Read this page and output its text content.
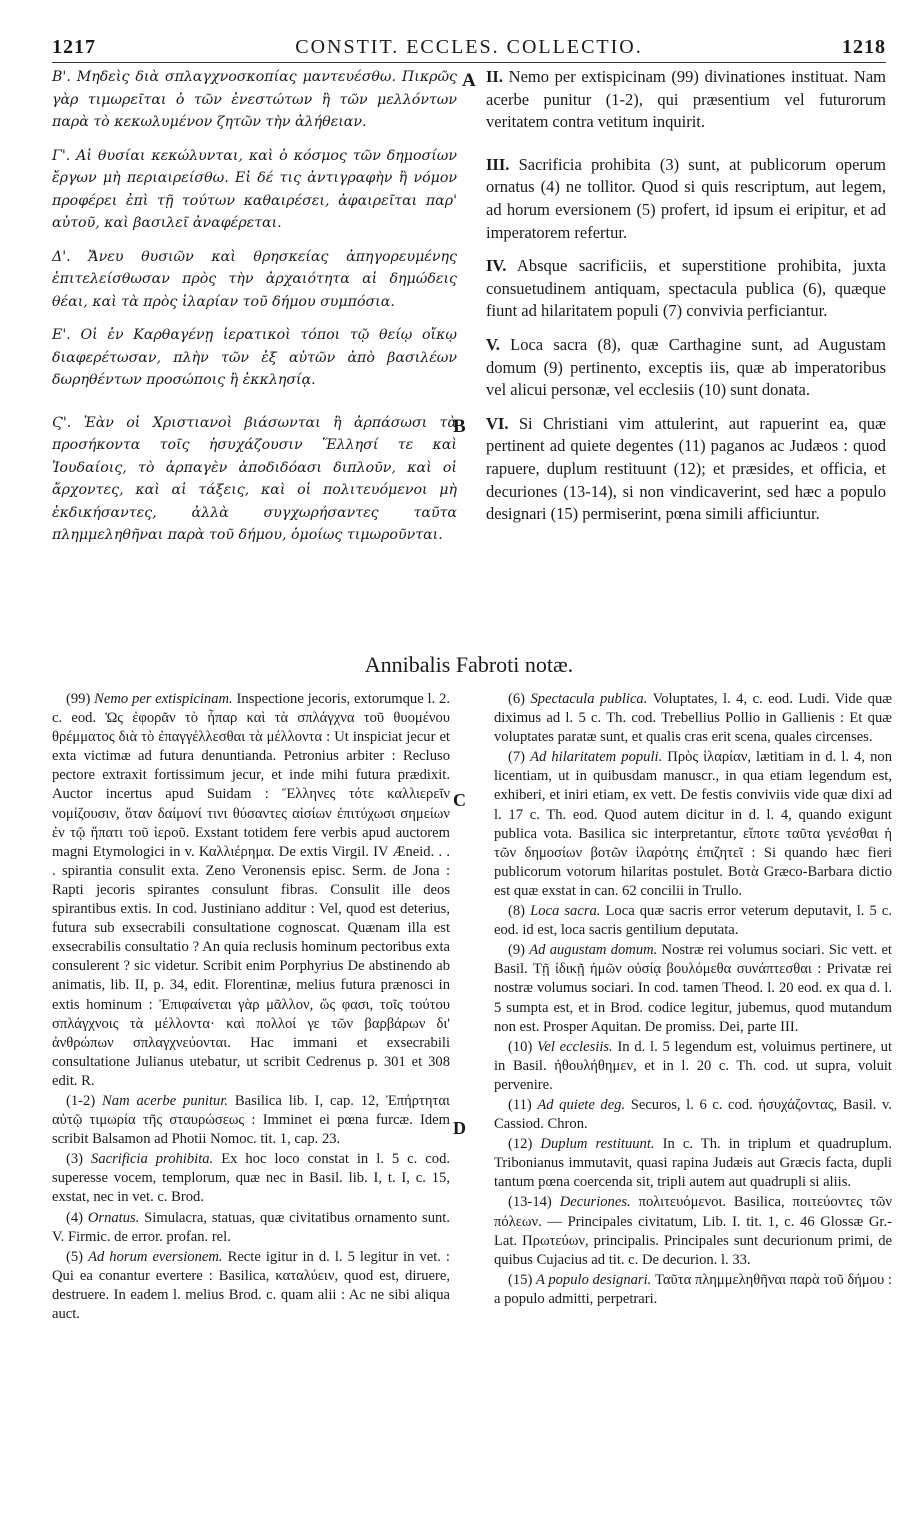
1217	CONSTIT. ECCLES. COLLECTIO.	1218

Β'. Μηδεὶς διὰ σπλαγχνοσκοπίας μαντευέσθω. Πικρῶς γὰρ τιμωρεῖται ὁ τῶν ἐνεστώτων ἢ τῶν μελλόντων παρὰ τὸ κεκωλυμένον ζητῶν τὴν ἀλήθειαν.

Γ'. Αἱ θυσίαι κεκώλυνται, καὶ ὁ κόσμος τῶν δημοσίων ἔργων μὴ περιαιρείσθω. Εἰ δέ τις ἀντιγραφὴν ἢ νόμον προφέρει ἐπὶ τῇ τούτων καθαιρέσει, ἀφαιρεῖται παρ' αὐτοῦ, καὶ βασιλεῖ ἀναφέρεται.

Δ'. Ἄνευ θυσιῶν καὶ θρησκείας ἀπηγορευμένης ἐπιτελείσθωσαν πρὸς τὴν ἀρχαιότητα αἱ δημώδεις θέαι, καὶ τὰ πρὸς ἱλαρίαν τοῦ δήμου συμπόσια.

Ε'. Οἱ ἐν Καρθαγένῃ ἱερατικοὶ τόποι τῷ θείῳ οἴκῳ διαφερέτωσαν, πλὴν τῶν ἐξ αὐτῶν ἀπὸ βασιλέων δωρηθέντων προσώποις ἢ ἐκκλησίᾳ.

Ϛ'. Ἐὰν οἱ Χριστιανοὶ βιάσωνται ἢ ἁρπάσωσι τὰ προσήκοντα τοῖς ἡσυχάζουσιν Ἕλλησί τε καὶ Ἰουδαίοις, τὸ ἁρπαγὲν ἀποδιδόασι διπλοῦν, καὶ οἱ ἄρχοντες, καὶ αἱ τάξεις, καὶ οἱ πολιτευόμενοι μὴ ἐκδικήσαντες, ἀλλὰ συγχωρήσαντες ταῦτα πλημμεληθῆναι παρὰ τοῦ δήμου, ὁμοίως τιμωροῦνται.

A
B

II. Nemo per extispicinam (99) divinationes instituat. Nam acerbe punitur (1-2), qui præsentium vel futurorum veritatem contra vetitum inquirit.

III. Sacrificia prohibita (3) sunt, at publicorum operum ornatus (4) ne tollitor. Quod si quis rescriptum, aut legem, ad horum eversionem (5) profert, id ipsum ei eripitur, et ad imperatorem refertur.

IV. Absque sacrificiis, et superstitione prohibita, juxta consuetudinem antiquam, spectacula publica (6), quæque fiunt ad hilaritatem populi (7) convivia perficiantur.

V. Loca sacra (8), quæ Carthagine sunt, ad Augustam domum (9) pertinento, exceptis iis, quæ ab imperatoribus vel alicui personæ, vel ecclesiis (10) sunt donata.

VI. Si Christiani vim attulerint, aut rapuerint ea, quæ pertinent ad quiete degentes (11) paganos ac Judæos : quod rapuere, duplum restituunt (12); et præsides, et officia, et decuriones (13-14), si non vindicaverint, sed hæc a populo designari (15) permiserint, pœna simili afficiuntur.

Annibalis Fabroti notæ.

(99) Nemo per extispicinam. Inspectione jecoris, extorumque l. 2. c. eod. Ὡς ἐφορᾶν τὸ ἧπαρ καὶ τὰ σπλάγχνα τοῦ θυομένου θρέμματος διὰ τὸ ἐπαγγέλλεσθαι τὰ μέλλοντα : Ut inspiciat jecur et exta victimæ ad futura denuntianda. Petronius arbiter : Recluso pectore extraxit fortissimum jecur, et inde mihi futura prædixit. Auctor incertus apud Suidam : Ἕλληνες τότε καλλιερεῖν νομίζουσιν, ὅταν δαίμονί τινι θύσαντες αἰσίων ἐπιτύχωσι σημείων ἐν τῷ ἥπατι τοῦ ἱεροῦ. Exstant totidem fere verbis apud auctorem magni Etymologici in v. Καλλιέρημα. De extis Virgil. IV Æneid. . . . spirantia consulit exta. Zeno Veronensis episc. Serm. de Jona : Rapti jecoris spirantes consulunt fibras. Consulit ille deos spirantibus extis. In cod. Justiniano additur : Vel, quod est deterius, futura sub exsecrabili consultatione cognoscat. Quænam illa est exsecrabilis consultatio ? An quia reclusis hominum pectoribus exta consulerent ? sic videtur. Scribit enim Porphyrius De abstinendo ab animatis, lib. II, p. 34, edit. Florentinæ, melius futura prænosci in extis hominum : Ἐπιφαίνεται γὰρ μᾶλλον, ὥς φασι, τοῖς τούτου σπλάγχνοις τὰ μέλλοντα· καὶ πολλοί γε τῶν βαρβάρων δι' ἀνθρώπων σπλαγχνεύονται. Hac immani et exsecrabili consultatione Julianus utebatur, ut scribit Cedrenus p. 301 et 308 edit. R.

(1-2) Nam acerbe punitur. Basilica lib. I, cap. 12, Ἐπήρτηται αὐτῷ τιμωρία τῆς σταυρώσεως : Imminet ei pœna furcæ. Idem scribit Balsamon ad Photii Nomoc. tit. 1, cap. 23.

(3) Sacrificia prohibita. Ex hoc loco constat in l. 5 c. cod. superesse vocem, templorum, quæ nec in Basil. lib. I, t. I, c. 15, exstat, nec in vet. c. Brod.

(4) Ornatus. Simulacra, statuas, quæ civitatibus ornamento sunt. V. Firmic. de error. profan. rel.

(5) Ad horum eversionem. Recte igitur in d. l. 5 legitur in vet. : Qui ea conantur evertere : Basilica, καταλύειν, quod est, diruere, destruere. In eadem l. melius Brod. c. quam alii : Ac ne sibi aliqua auct.

C
D

(6) Spectacula publica. Voluptates, l. 4, c. eod. Ludi. Vide quæ diximus ad l. 5 c. Th. cod. Trebellius Pollio in Gallienis : Et quæ voluptates paratæ sunt, et qualis cras erit scena, quales circenses.

(7) Ad hilaritatem populi. Πρὸς ἱλαρίαν, lætitiam in d. l. 4, non licentiam, ut in quibusdam manuscr., in qua etiam legendum est, exhiberi, et iniri etiam, ex vett. De festis conviviis vide quæ dixi ad l. 17 c. Th. eod. Quod autem dicitur in d. l. 4, quando exigunt publica vota. Basilica sic interpretantur, εἴποτε ταῦτα γενέσθαι ἡ τῶν δημοσίων βοτῶν ἱλαρότης ἐπιζητεῖ : Si quando hæc fieri publicorum votorum hilaritas postulet. Βοτὰ Græco-Barbara dictio est quæ exstat in can. 62 concilii in Trullo.

(8) Loca sacra. Loca quæ sacris error veterum deputavit, l. 5 c. eod. id est, loca sacris gentilium deputata.

(9) Ad augustam domum. Nostræ rei volumus sociari. Sic vett. et Basil. Τῇ ἰδικῇ ἡμῶν οὐσίᾳ βουλόμεθα συνάπτεσθαι : Privatæ rei nostræ volumus sociari. In cod. tamen Theod. l. 20 eod. ex qua d. l. 5 sumpta est, et in Brod. codice legitur, jubemus, quod mutandum non est. Prosper Aquitan. De promiss. Dei, parte III.

(10) Vel ecclesiis. In d. l. 5 legendum est, voluimus pertinere, ut in Basil. ἠθουλήθημεν, et in l. 20 c. Th. cod. ut supra, voluit pervenire.

(11) Ad quiete deg. Securos, l. 6 c. cod. ἡσυχάζοντας, Basil. v. Cassiod. Chron.

(12) Duplum restituunt. In c. Th. in triplum et quadruplum. Tribonianus immutavit, quasi rapina Judæis aut Græcis facta, dupli tantum pœna coercenda sit, tripli autem aut quadrupli si aliis.

(13-14) Decuriones. πολιτευόμενοι. Basilica, ποιτεύοντες τῶν πόλεων. — Principales civitatum, Lib. I. tit. 1, c. 46 Glossæ Gr.-Lat. Πρωτεύων, principalis. Principales sunt decurionum primi, de quibus Cujacius ad tit. c. De decurion. l. 33.

(15) A populo designari. Ταῦτα πλημμεληθῆναι παρὰ τοῦ δήμου : a populo admitti, perpetrari.
